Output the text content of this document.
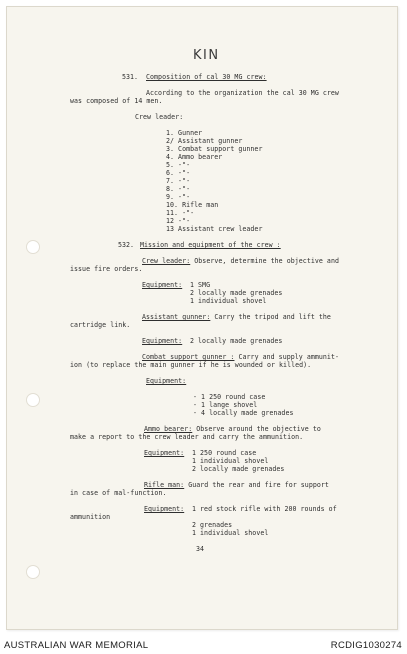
KIN
531. Composition of cal 30 MG crew:
According to the organization the cal 30 MG crew
was composed of 14 men.
Crew leader:
1. Gunner
2/ Assistant gunner
3. Combat support gunner
4. Ammo bearer
5. -"-
6. -"-
7. -"-
8. -"-
9. -"-
10. Rifle man
11. -"-
12 -"-
13 Assistant crew leader
532. Mission and equipment of the crew :
Crew leader: Observe, determine the objective and
issue fire orders.
Equipment: 1 SMG
2 locally made grenades
1 individual shovel
Assistant gunner: Carry the tripod and lift the
cartridge link.
Equipment: 2 locally made grenades
Combat support gunner : Carry and supply ammunit-
ion (to replace the main gunner if he is wounded or killed).
Equipment:
- 1 250 round case
- 1 lange shovel
- 4 locally made grenades
Ammo bearer: Observe around the objective to
make a report to the crew leader and carry the ammunition.
Equipment: 1 250 round case
1 individual shovel
2 locally made grenades
Rifle man: Guard the rear and fire for support
in case of mal-function.
Equipment: 1 red stock rifle with 200 rounds of
ammunition
2 grenades
1 individual shovel
34
AUSTRALIAN WAR MEMORIAL	RCDIG1030274
